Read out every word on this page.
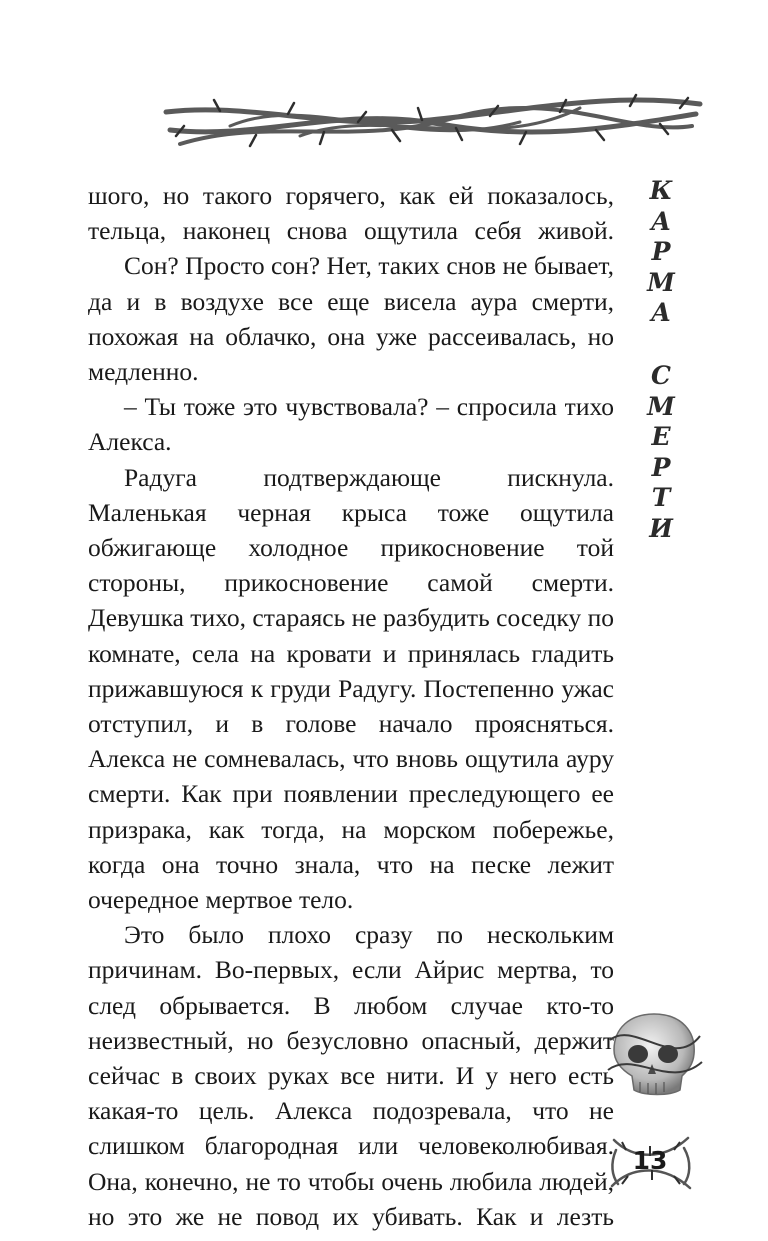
шого, но такого горячего, как ей показалось, тельца, наконец снова ощутила себя живой.

Сон? Просто сон? Нет, таких снов не бывает, да и в воздухе все еще висела аура смерти, похожая на облачко, она уже рассеивалась, но медленно.

– Ты тоже это чувствовала? – спросила тихо Алекса.

Радуга подтверждающе пискнула. Маленькая черная крыса тоже ощутила обжигающе холодное прикосновение той стороны, прикосновение самой смерти. Девушка тихо, стараясь не разбудить соседку по комнате, села на кровати и принялась гладить прижавшуюся к груди Радугу. Постепенно ужас отступил, и в голове начало проясняться. Алекса не сомневалась, что вновь ощутила ауру смерти. Как при появлении преследующего ее призрака, как тогда, на морском побережье, когда она точно знала, что на песке лежит очередное мертвое тело.

Это было плохо сразу по нескольким причинам. Во-первых, если Айрис мертва, то след обрывается. В любом случае кто-то неизвестный, но безусловно опасный, держит сейчас в своих руках все нити. И у него есть какая-то цель. Алекса подозревала, что не слишком благородная или человеколюбивая. Она, конечно, не то чтобы очень любила людей, но это же не повод их убивать. Как и лезть

К
А
Р
М
А
С
М
Е
Р
Т
И
13
